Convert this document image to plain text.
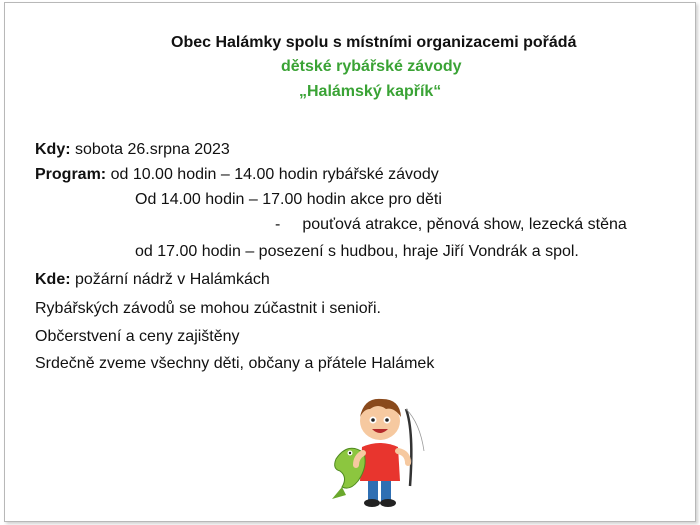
Obec Halámky spolu s místními organizacemi pořádá
dětské rybářské závody
„Halámský kapřík“
Kdy: sobota 26.srpna 2023
Program: od 10.00 hodin – 14.00 hodin rybářské závody
Od 14.00 hodin – 17.00 hodin akce pro děti
- pouťová atrakce, pěnová show, lezecká stěna
od 17.00 hodin – posezení s hudbou, hraje Jiří Vondrák a spol.
Kde: požární nádrž v Halámkách
Rybářských závodů se mohou zúčastnit i senioři.
Občerstvení a ceny zajištěny
Srdečně zveme všechny děti, občany a přátele Halámek
